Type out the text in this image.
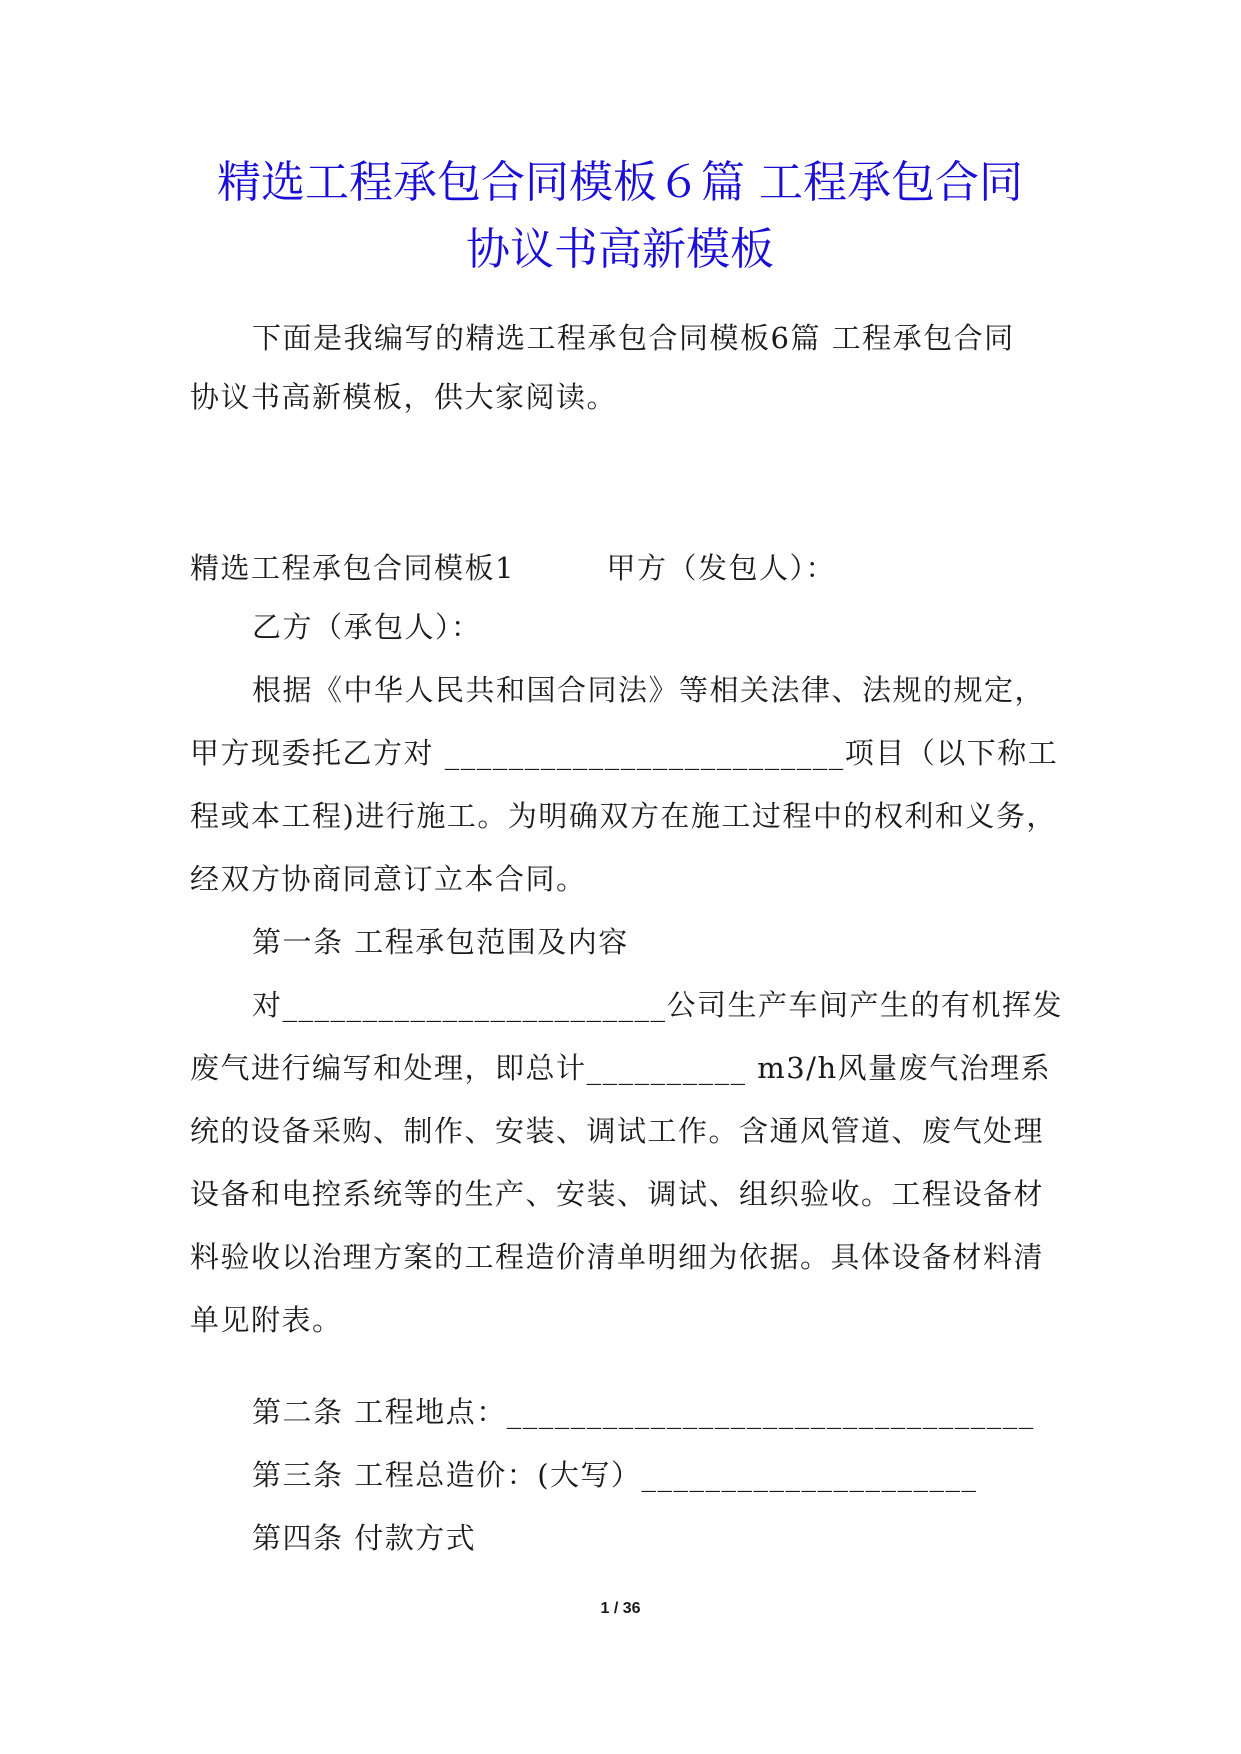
精选工程承包合同模板６篇 工程承包合同
协议书高新模板
下面是我编写的精选工程承包合同模板6篇 工程承包合同
协议书高新模板，供大家阅读。
精选工程承包合同模板1　　　甲方（发包人）：
乙方（承包人）：
根据《中华人民共和国合同法》等相关法律、法规的规定，
甲方现委托乙方对 _________________________项目（以下称工
程或本工程)进行施工。为明确双方在施工过程中的权利和义务，
经双方协商同意订立本合同。
第一条 工程承包范围及内容
对________________________公司生产车间产生的有机挥发
废气进行编写和处理，即总计__________ m3/h风量废气治理系
统的设备采购、制作、安装、调试工作。含通风管道、废气处理
设备和电控系统等的生产、安装、调试、组织验收。工程设备材
料验收以治理方案的工程造价清单明细为依据。具体设备材料清
单见附表。
第二条 工程地点：_________________________________
第三条 工程总造价：(大写）_____________________
第四条 付款方式
1 / 36
